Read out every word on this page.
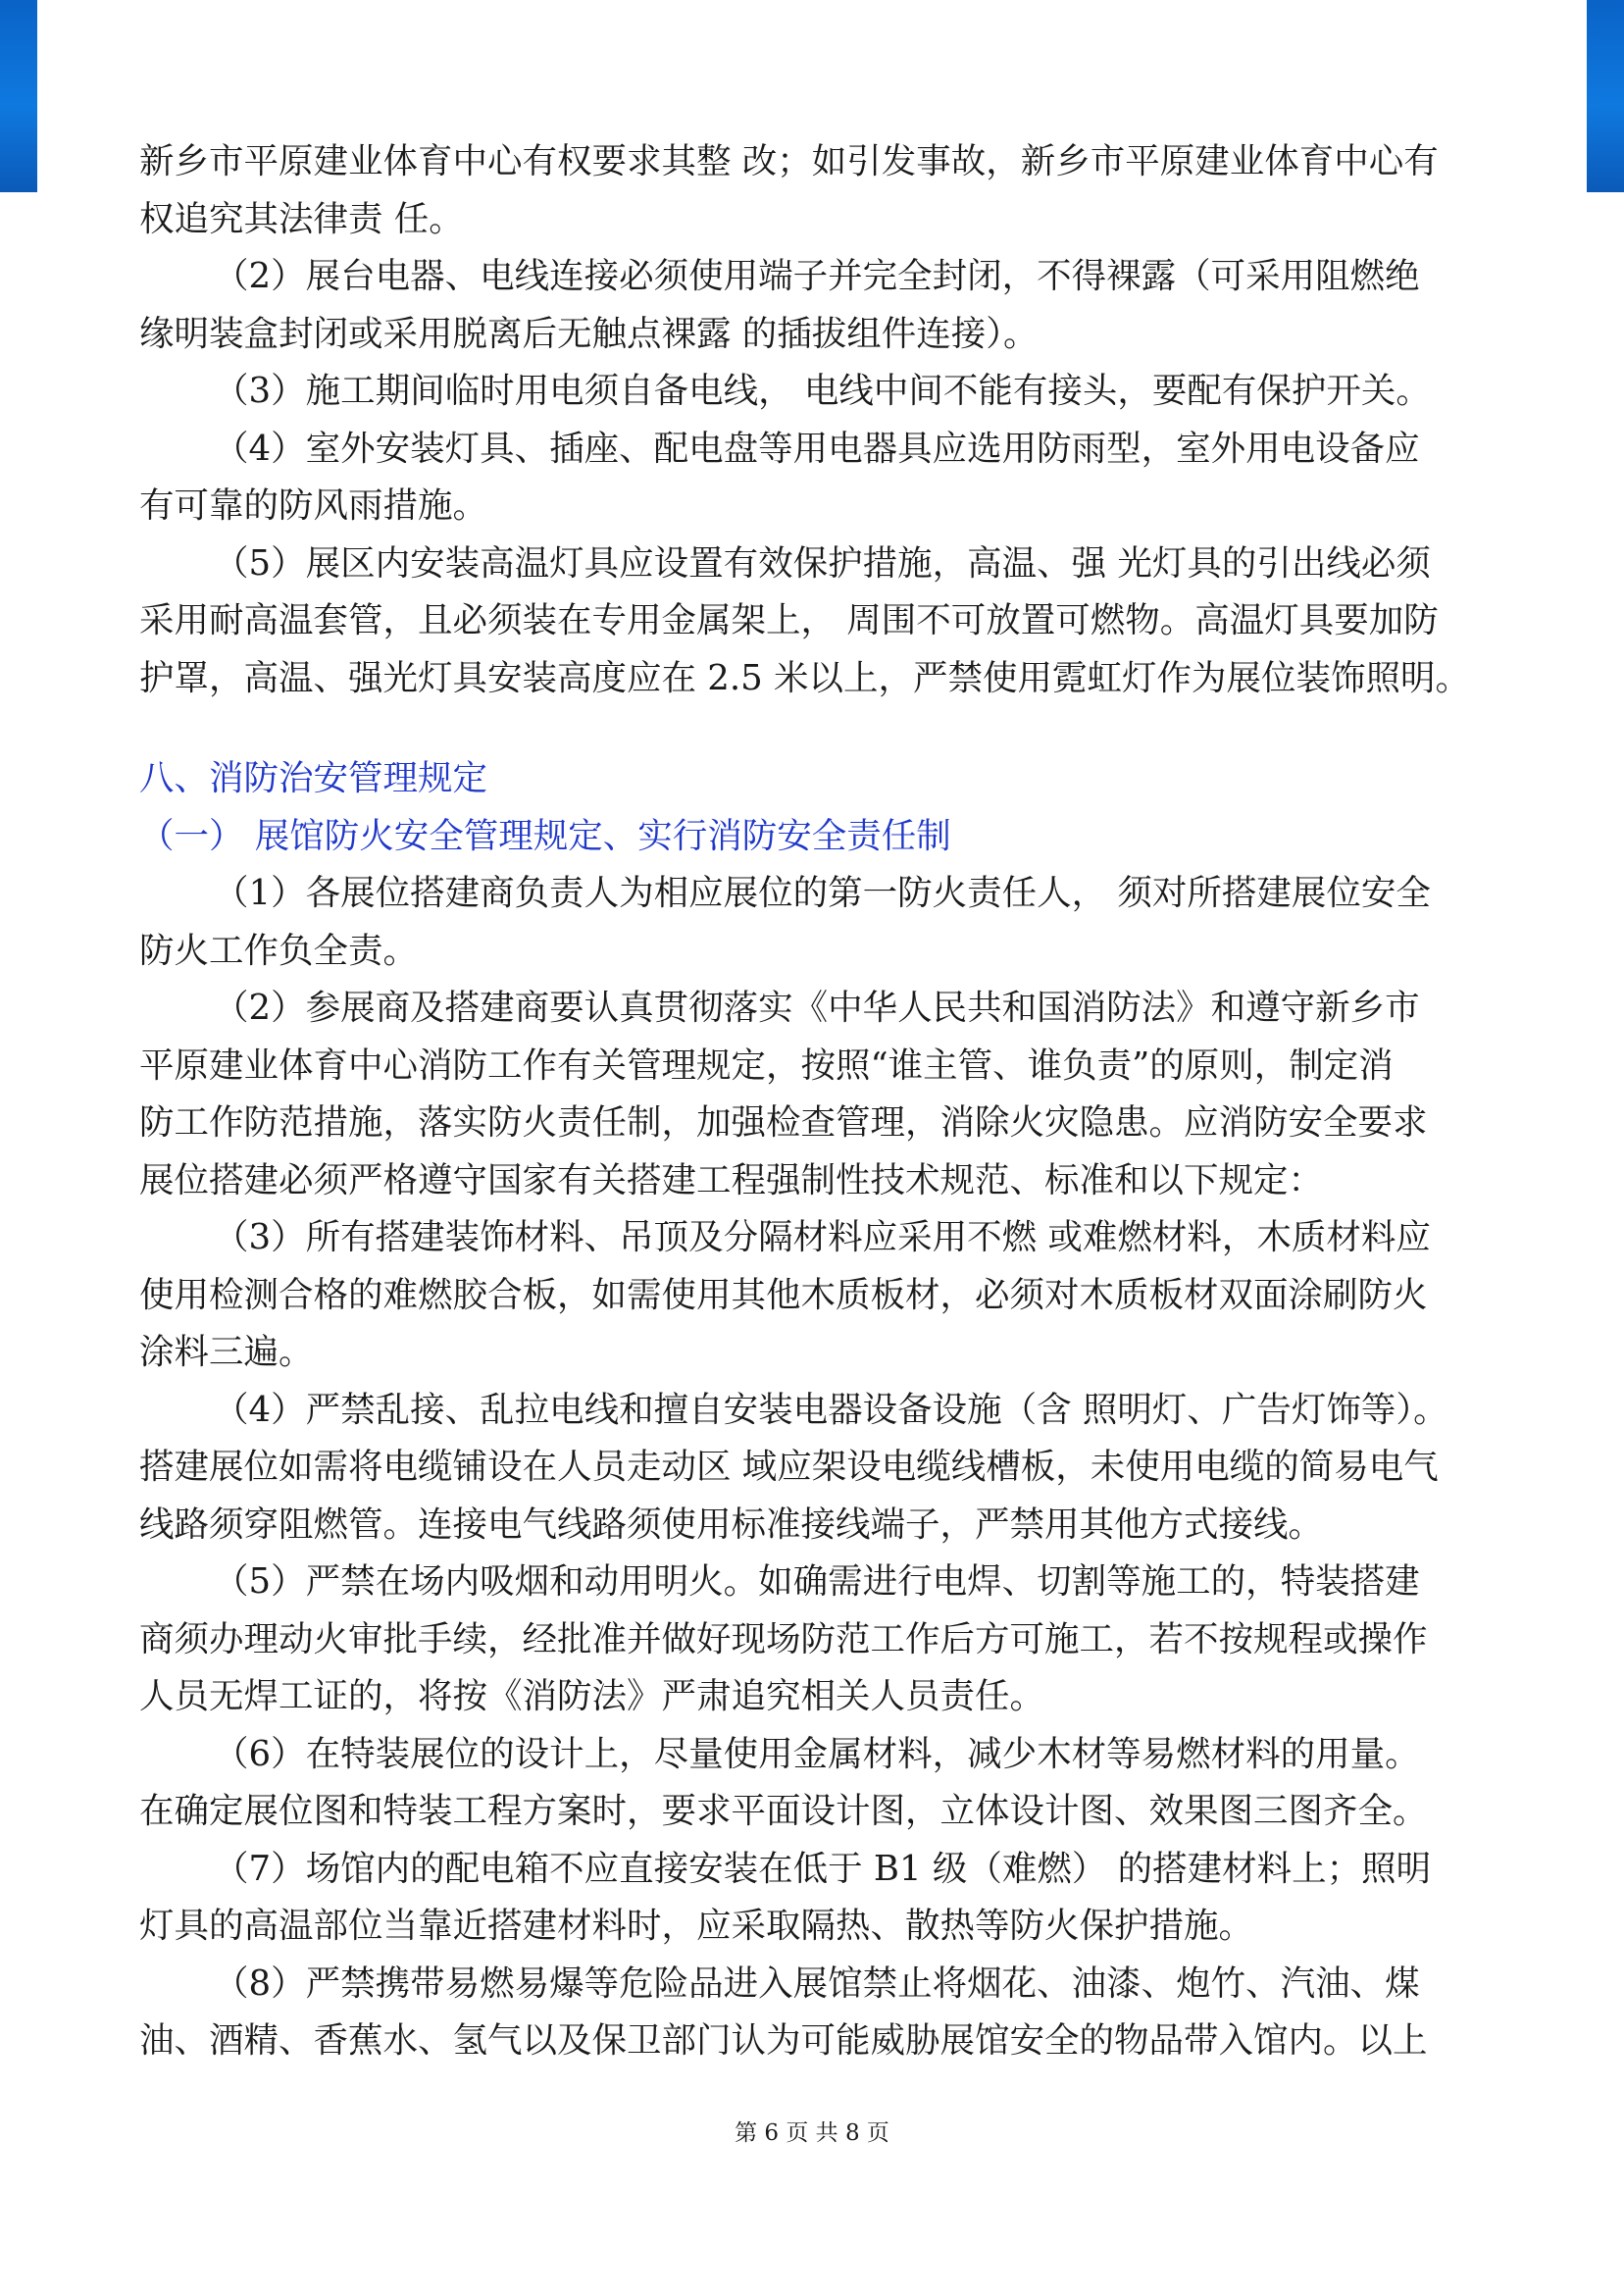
新乡市平原建业体育中心有权要求其整 改；如引发事故，新乡市平原建业体育中心有
权追究其法律责 任。
（2）展台电器、电线连接必须使用端子并完全封闭，不得裸露（可采用阻燃绝
缘明装盒封闭或采用脱离后无触点裸露 的插拔组件连接）。
（3）施工期间临时用电须自备电线， 电线中间不能有接头，要配有保护开关。
（4）室外安装灯具、插座、配电盘等用电器具应选用防雨型，室外用电设备应
有可靠的防风雨措施。
（5）展区内安装高温灯具应设置有效保护措施，高温、强 光灯具的引出线必须
采用耐高温套管，且必须装在专用金属架上， 周围不可放置可燃物。高温灯具要加防
护罩，高温、强光灯具安装高度应在 2.5 米以上，严禁使用霓虹灯作为展位装饰照明。
八、消防治安管理规定
（一） 展馆防火安全管理规定、实行消防安全责任制
（1）各展位搭建商负责人为相应展位的第一防火责任人， 须对所搭建展位安全
防火工作负全责。
（2）参展商及搭建商要认真贯彻落实《中华人民共和国消防法》和遵守新乡市
平原建业体育中心消防工作有关管理规定，按照“谁主管、谁负责”的原则，制定消
防工作防范措施，落实防火责任制，加强检查管理，消除火灾隐患。应消防安全要求
展位搭建必须严格遵守国家有关搭建工程强制性技术规范、标准和以下规定：
（3）所有搭建装饰材料、吊顶及分隔材料应采用不燃 或难燃材料，木质材料应
使用检测合格的难燃胶合板，如需使用其他木质板材，必须对木质板材双面涂刷防火
涂料三遍。
（4）严禁乱接、乱拉电线和擅自安装电器设备设施（含 照明灯、广告灯饰等）。
搭建展位如需将电缆铺设在人员走动区 域应架设电缆线槽板，未使用电缆的简易电气
线路须穿阻燃管。连接电气线路须使用标准接线端子，严禁用其他方式接线。
（5）严禁在场内吸烟和动用明火。如确需进行电焊、切割等施工的，特装搭建
商须办理动火审批手续，经批准并做好现场防范工作后方可施工，若不按规程或操作
人员无焊工证的，将按《消防法》严肃追究相关人员责任。
（6）在特装展位的设计上，尽量使用金属材料，减少木材等易燃材料的用量。
在确定展位图和特装工程方案时，要求平面设计图，立体设计图、效果图三图齐全。
（7）场馆内的配电箱不应直接安装在低于 B1 级（难燃） 的搭建材料上；照明
灯具的高温部位当靠近搭建材料时，应采取隔热、散热等防火保护措施。
（8）严禁携带易燃易爆等危险品进入展馆禁止将烟花、油漆、炮竹、汽油、煤
油、酒精、香蕉水、氢气以及保卫部门认为可能威胁展馆安全的物品带入馆内。以上
第 6 页 共 8 页
